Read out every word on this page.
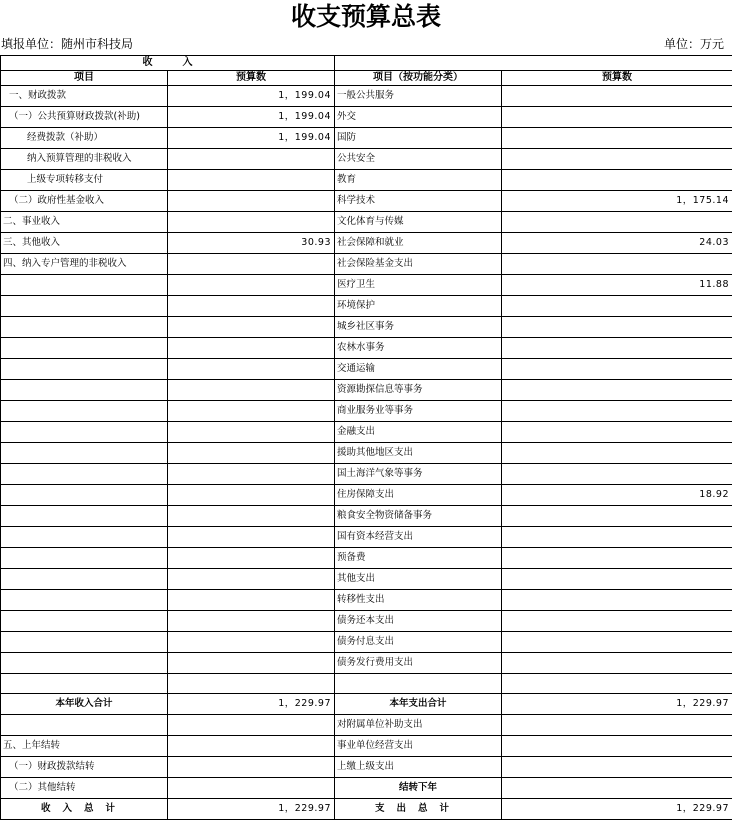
收支预算总表
填报单位：随州市科技局	单位：万元
收　　　入			
项目	预算数	项目（按功能分类）	预算数
一、财政拨款	1，199.04	一般公共服务	
（一）公共预算财政拨款(补助)	1，199.04	外交	
经费拨款（补助）	1，199.04	国防	
纳入预算管理的非税收入		公共安全	
上级专项转移支付		教育	
（二）政府性基金收入		科学技术	1，175.14
二、事业收入		文化体育与传媒	
三、其他收入	30.93	社会保障和就业	24.03
四、纳入专户管理的非税收入		社会保险基金支出	
		医疗卫生	11.88
		环境保护	
		城乡社区事务	
		农林水事务	
		交通运输	
		资源勘探信息等事务	
		商业服务业等事务	
		金融支出	
		援助其他地区支出	
		国土海洋气象等事务	
		住房保障支出	18.92
		粮食安全物资储备事务	
		国有资本经营支出	
		预备费	
		其他支出	
		转移性支出	
		债务还本支出	
		债务付息支出	
		债务发行费用支出	

本年收入合计	1，229.97	本年支出合计	1，229.97
		对附属单位补助支出	
五、上年结转		事业单位经营支出	
（一）财政拨款结转		上缴上级支出	
（二）其他结转		结转下年	
收入总计	1，229.97	支出总计	1，229.97
